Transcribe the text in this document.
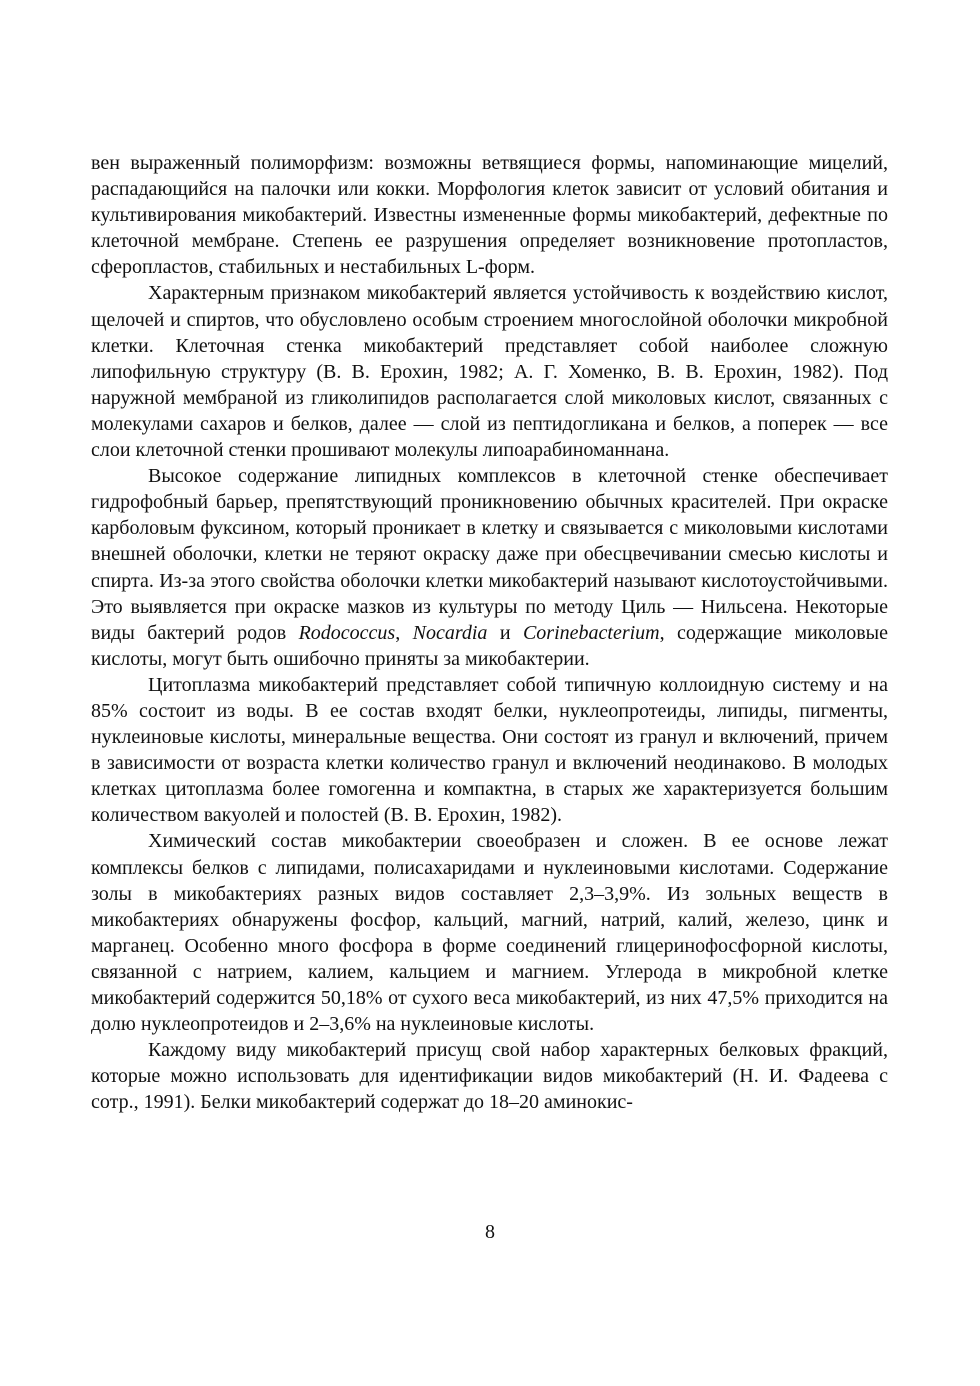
вен выраженный полиморфизм: возможны ветвящиеся формы, напоминающие мицелий, распадающийся на палочки или кокки. Морфология клеток зависит от условий обитания и культивирования микобактерий. Известны измененные формы микобактерий, дефектные по клеточной мембране. Степень ее разрушения определяет возникновение протопластов, сферопластов, стабильных и нестабильных L-форм.

Характерным признаком микобактерий является устойчивость к воздействию кислот, щелочей и спиртов, что обусловлено особым строением многослойной оболочки микробной клетки. Клеточная стенка микобактерий представляет собой наиболее сложную липофильную структуру (В. В. Ерохин, 1982; А. Г. Хоменко, В. В. Ерохин, 1982). Под наружной мембраной из гликолипидов располагается слой миколовых кислот, связанных с молекулами сахаров и белков, далее — слой из пептидогликана и белков, а поперек — все слои клеточной стенки прошивают молекулы липоарабиноманнана.

Высокое содержание липидных комплексов в клеточной стенке обеспечивает гидрофобный барьер, препятствующий проникновению обычных красителей. При окраске карболовым фуксином, который проникает в клетку и связывается с миколовыми кислотами внешней оболочки, клетки не теряют окраску даже при обесцвечивании смесью кислоты и спирта. Из-за этого свойства оболочки клетки микобактерий называют кислотоустойчивыми. Это выявляется при окраске мазков из культуры по методу Циль — Нильсена. Некоторые виды бактерий родов Rodococcus, Nocardia и Corinebacterium, содержащие миколовые кислоты, могут быть ошибочно приняты за микобактерии.

Цитоплазма микобактерий представляет собой типичную коллоидную систему и на 85% состоит из воды. В ее состав входят белки, нуклеопротеиды, липиды, пигменты, нуклеиновые кислоты, минеральные вещества. Они состоят из гранул и включений, причем в зависимости от возраста клетки количество гранул и включений неодинаково. В молодых клетках цитоплазма более гомогенна и компактна, в старых же характеризуется большим количеством вакуолей и полостей (В. В. Ерохин, 1982).

Химический состав микобактерии своеобразен и сложен. В ее основе лежат комплексы белков с липидами, полисахаридами и нуклеиновыми кислотами. Содержание золы в микобактериях разных видов составляет 2,3–3,9%. Из зольных веществ в микобактериях обнаружены фосфор, кальций, магний, натрий, калий, железо, цинк и марганец. Особенно много фосфора в форме соединений глицеринофосфорной кислоты, связанной с натрием, калием, кальцием и магнием. Углерода в микробной клетке микобактерий содержится 50,18% от сухого веса микобактерий, из них 47,5% приходится на долю нуклеопротеидов и 2–3,6% на нуклеиновые кислоты.

Каждому виду микобактерий присущ свой набор характерных белковых фракций, которые можно использовать для идентификации видов микобактерий (Н. И. Фадеева с сотр., 1991). Белки микобактерий содержат до 18–20 аминокис-

8
